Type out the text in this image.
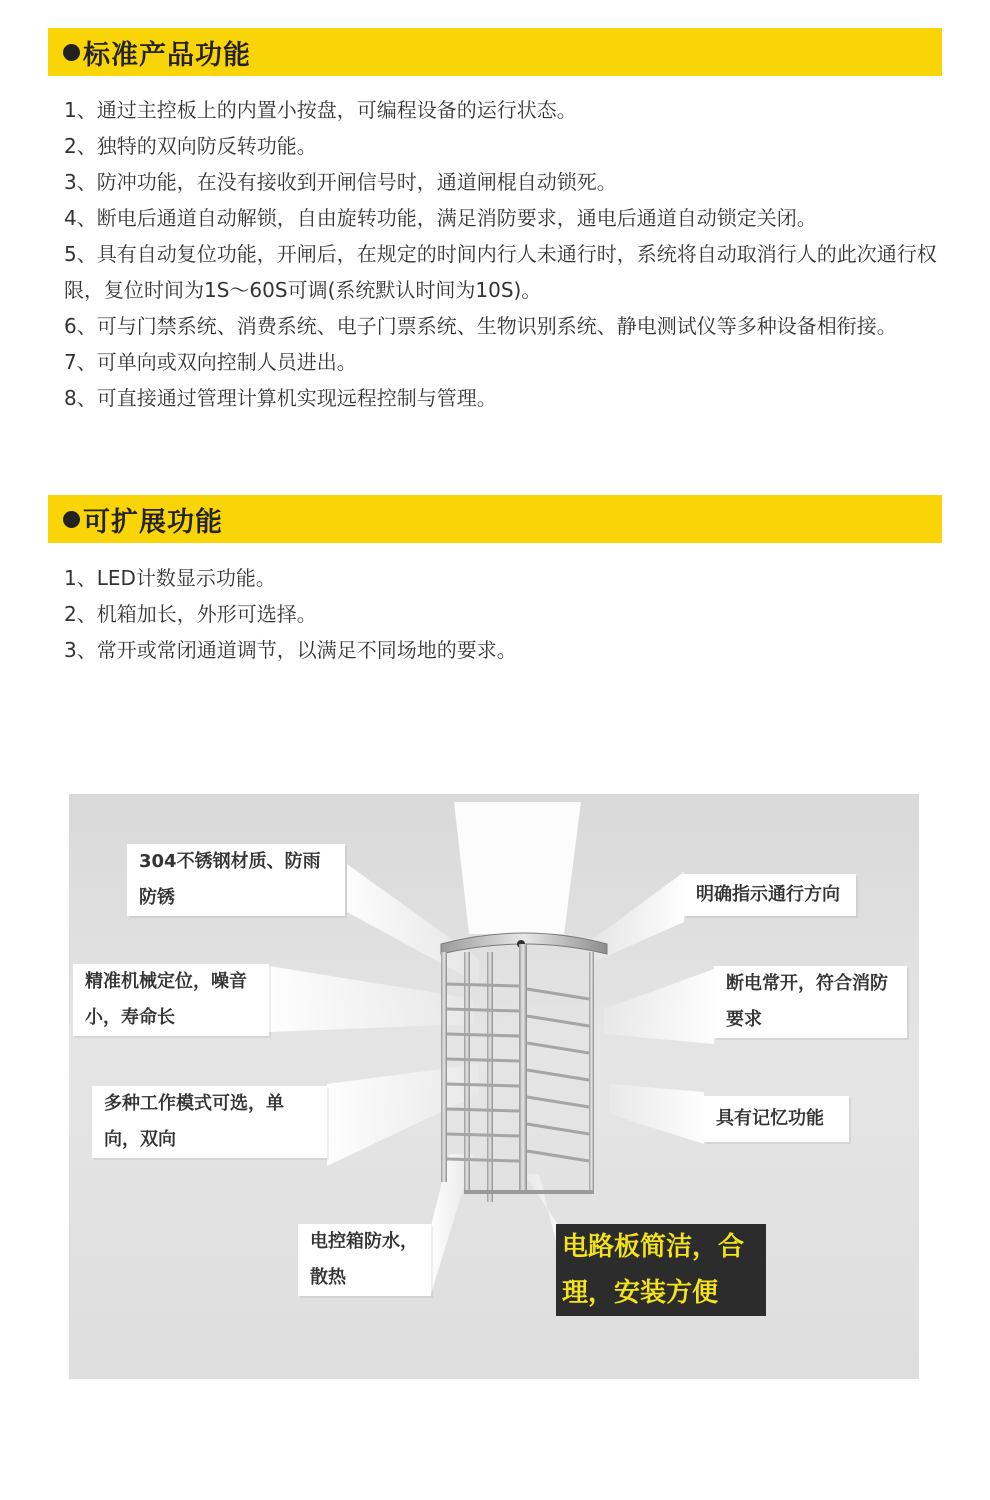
标准产品功能
1、通过主控板上的内置小按盘，可编程设备的运行状态。
2、独特的双向防反转功能。
3、防冲功能，在没有接收到开闸信号时，通道闸棍自动锁死。
4、断电后通道自动解锁，自由旋转功能，满足消防要求，通电后通道自动锁定关闭。
5、具有自动复位功能，开闸后，在规定的时间内行人未通行时，系统将自动取消行人的此次通行权限，复位时间为1S～60S可调(系统默认时间为10S)。
6、可与门禁系统、消费系统、电子门票系统、生物识别系统、静电测试仪等多种设备相衔接。
7、可单向或双向控制人员进出。
8、可直接通过管理计算机实现远程控制与管理。
可扩展功能
1、LED计数显示功能。
2、机箱加长，外形可选择。
3、常开或常闭通道调节，以满足不同场地的要求。
304不锈钢材质、防雨防锈
精准机械定位，噪音小，寿命长
多种工作模式可选，单向，双向
电控箱防水，散热
明确指示通行方向
断电常开，符合消防要求
具有记忆功能
电路板简洁，合理，安装方便
